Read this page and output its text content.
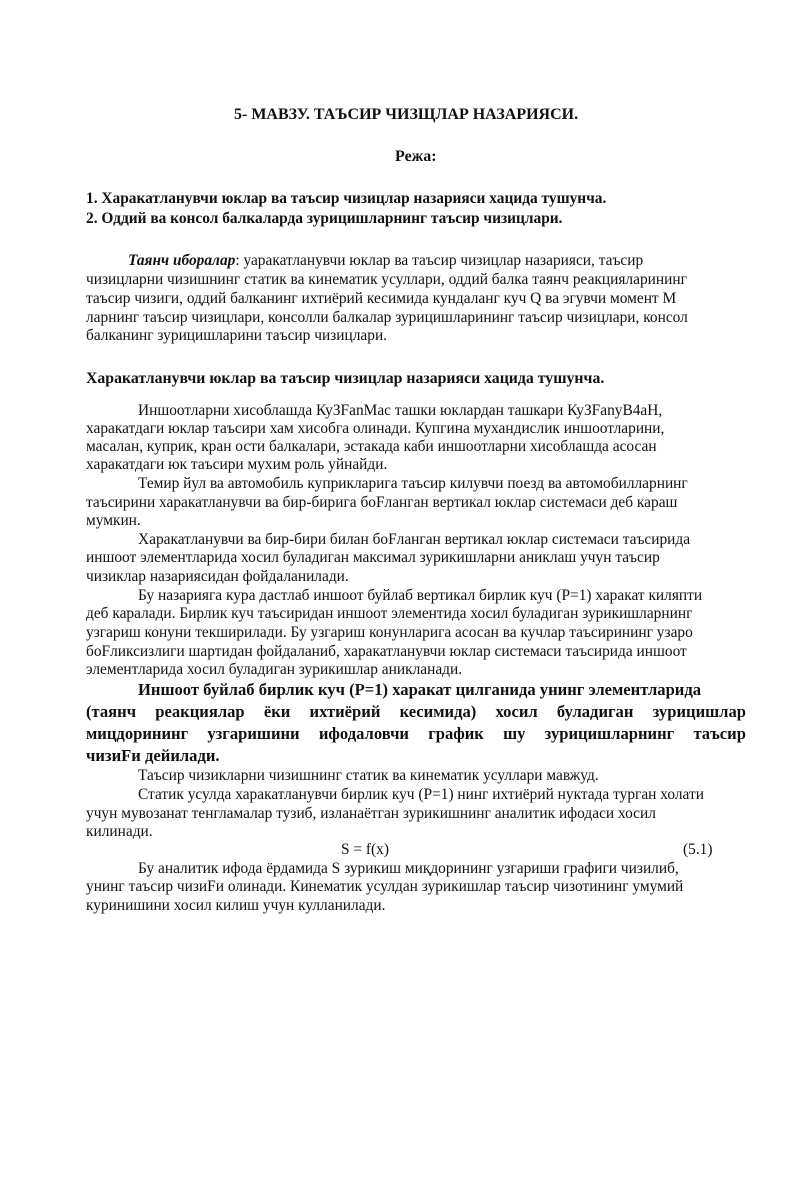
5- МАВЗУ. ТАЪСИР ЧИЗЩЛАР НАЗАРИЯСИ.
Режа:
1. Харакатланувчи юклар ва таъсир чизицлар назарияси хацида тушунча.
2. Оддий ва консол балкаларда зурицишларнинг таъсир чизицлари.
Таянч иборалар: уаракатланувчи юклар ва таъсир чизицлар назарияси, таъсир
чизицларни чизишнинг статик ва кинематик усуллари, оддий балка таянч реакцияларининг
таъсир чизиги, оддий балканинг ихтиёрий кесимида кундаланг куч Q ва эгувчи момент М
ларнинг таъсир чизицлари, консолли балкалар зурицишларининг таъсир чизицлари, консол
балканинг зурицишларини таъсир чизицлари.
Харакатланувчи юклар ва таъсир чизицлар назарияси хацида тушунча.
Иншоотларни хисоблашда КуЗFanMac ташки юклардан ташкари КуЗFanyB4aH,
харакатдаги юклар таъсири хам хисобга олинади. Купгина мухандислик иншоотларини,
масалан, куприк, кран ости балкалари, эстакада каби иншоотларни хисоблашда асосан
харакатдаги юк таъсири мухим роль уйнайди.
Темир йул ва автомобиль куприкларига таъсир килувчи поезд ва автомобилларнинг
таъсирини харакатланувчи ва бир-бирига боFланган вертикал юклар системаси деб караш
мумкин.
Харакатланувчи ва бир-бири билан боFланган вертикал юклар системаси таъсирида
иншоот элементларида хосил буладиган максимал зурикишларни аниклаш учун таъсир
чизиклар назариясидан фойдаланилади.
Бу назарияга кура дастлаб иншоот буйлаб вертикал бирлик куч (Р=1) харакат киляпти
деб каралади. Бирлик куч таъсиридан иншоот элементида хосил буладиган зурикишларнинг
узгариш конуни текширилади. Бу узгариш конунларига асосан ва кучлар таъсирининг узаро
боFликсизлиги шартидан фойдаланиб, харакатланувчи юклар системаси таъсирида иншоот
элементларида хосил буладиган зурикишлар аникланади.
Иншоот буйлаб бирлик куч (Р=1) харакат цилганида унинг элементларида
(таянч реакциялар ёки ихтиёрий кесимида) хосил буладиган зурицишлар
мицдорининг узгаришини ифодаловчи график шу зурицишларнинг таъсир
чизиFи дейилади.
Таъсир чизикларни чизишнинг статик ва кинематик усуллари мавжуд.
Статик усулда харакатланувчи бирлик куч (Р=1) нинг ихтиёрий нуктада турган холати
учун мувозанат тенгламалар тузиб, изланаётган зурикишнинг аналитик ифодаси хосил
килинади.
S = f(x)	(5.1)
Бу аналитик ифода ёрдамида S зурикиш миқдорининг узгариши графиги чизилиб,
унинг таъсир чизиFи олинади. Кинематик усулдан зурикишлар таъсир чизотининг умумий
куринишини хосил килиш учун кулланилади.
